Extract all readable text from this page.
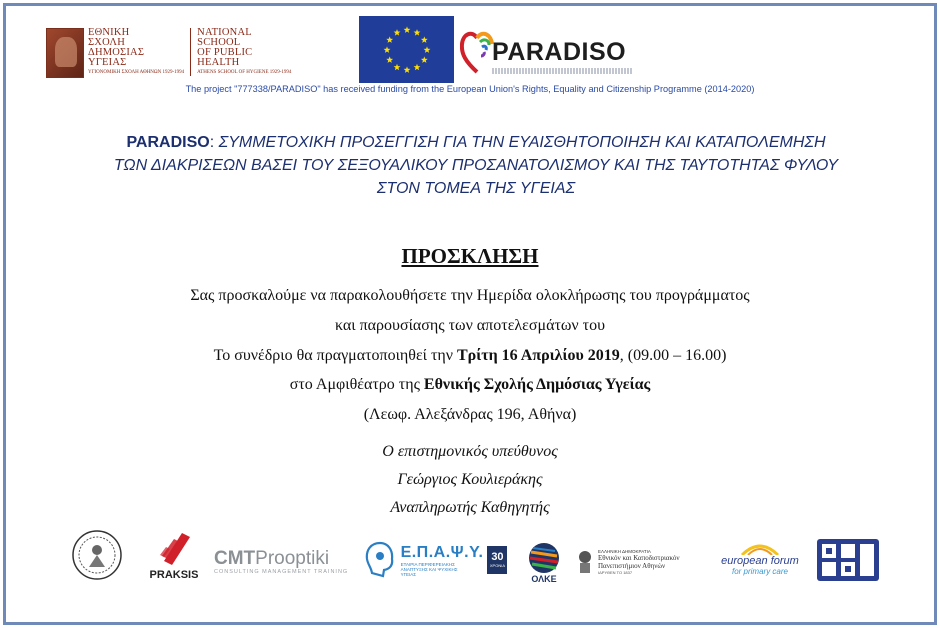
ΕΘΝΙΚΗ
ΣΧΟΛΗ
ΔΗΜΟΣΙΑΣ
ΥΓΕΙΑΣ
ΥΓΙΟΝΟΜΙΚΗ ΣΧΟΛΗ ΑΘΗΝΩΝ 1929-1994
NATIONAL
SCHOOL
OF PUBLIC
HEALTH
ATHENS SCHOOL OF HYGIENE 1929-1994
PARADISO
The project "777338/PARADISO" has received funding from the European Union's Rights, Equality and Citizenship Programme (2014-2020)
PARADISO: ΣΥΜΜΕΤΟΧΙΚΗ ΠΡΟΣΕΓΓΙΣΗ ΓΙΑ ΤΗΝ ΕΥΑΙΣΘΗΤΟΠΟΙΗΣΗ ΚΑΙ ΚΑΤΑΠΟΛΕΜΗΣΗ
ΤΩΝ ΔΙΑΚΡΙΣΕΩΝ ΒΑΣΕΙ ΤΟΥ ΣΕΞΟΥΑΛΙΚΟΥ ΠΡΟΣΑΝΑΤΟΛΙΣΜΟΥ ΚΑΙ ΤΗΣ ΤΑΥΤΟΤΗΤΑΣ ΦΥΛΟΥ
ΣΤΟΝ ΤΟΜΕΑ ΤΗΣ ΥΓΕΙΑΣ
ΠΡΟΣΚΛΗΣΗ
Σας προσκαλούμε να παρακολουθήσετε την Ημερίδα ολοκλήρωσης του προγράμματος
και παρουσίασης των αποτελεσμάτων του
Το συνέδριο θα πραγματοποιηθεί την Τρίτη 16 Απριλίου 2019, (09.00 – 16.00)
στο Αμφιθέατρο της Εθνικής Σχολής Δημόσιας Υγείας
(Λεωφ. Αλεξάνδρας 196, Αθήνα)
Ο επιστημονικός υπεύθυνος
Γεώργιος Κουλιεράκης
Αναπληρωτής Καθηγητής
PRAKSIS
CMTProoptiki
CONSULTING MANAGEMENT TRAINING
Ε.Π.Α.Ψ.Υ.
ΕΤΑΙΡΙΑ ΠΕΡΙΦΕΡΕΙΑΚΗΣ ΑΝΑΠΤΥΞΗΣ ΚΑΙ ΨΥΧΙΚΗΣ ΥΓΕΙΑΣ
30
ΧΡΟΝΙΑ
ΟΛΚΕ
ΕΛΛΗΝΙΚΗ ΔΗΜΟΚΡΑΤΙΑ
Εθνικόν και Καποδιστριακόν
Πανεπιστήμιον Αθηνών
ΙΔΡΥΘΕΝ ΤΟ 1837
european forum
for primary care
